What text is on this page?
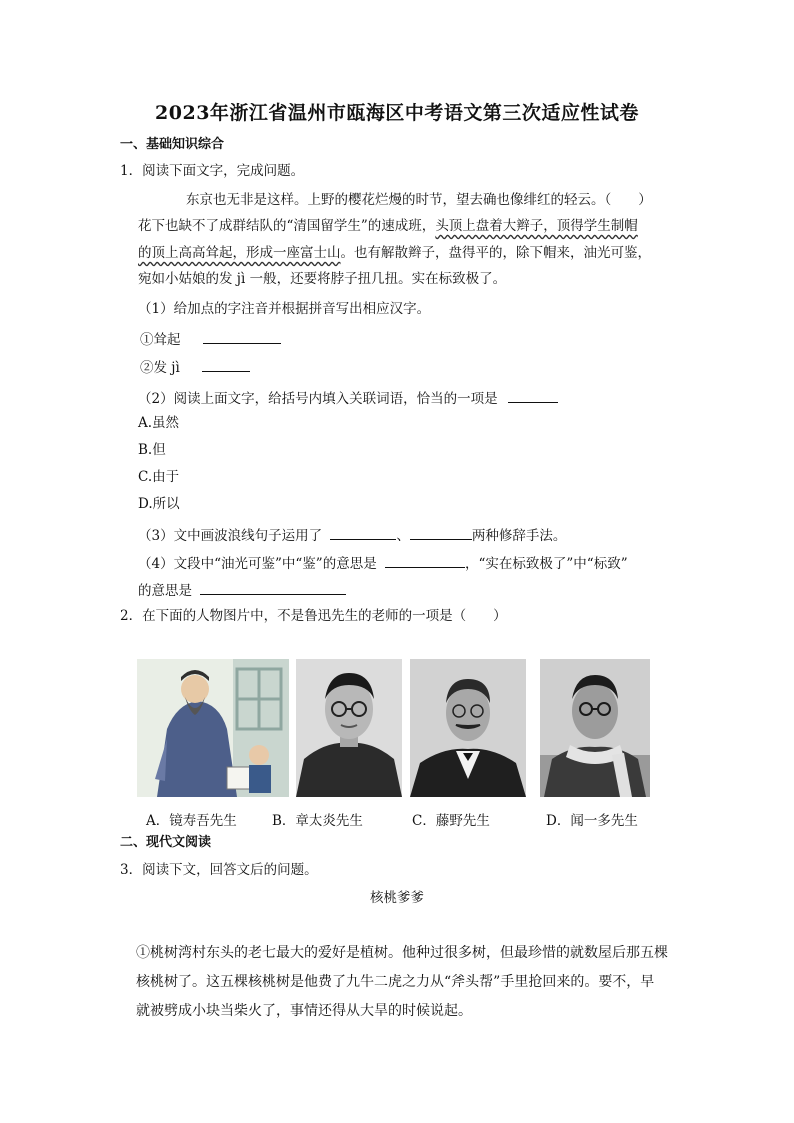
2023年浙江省温州市瓯海区中考语文第三次适应性试卷
一、基础知识综合
1．阅读下面文字，完成问题。
东京也无非是这样。上野的樱花烂熳的时节，望去确也像绯红的轻云。（　　）
花下也缺不了成群结队的“清国留学生”的速成班，头顶上盘着大辫子，顶得学生制帽
的顶上高高耸起，形成一座富士山。也有解散辫子，盘得平的，除下帽来，油光可鉴，
宛如小姑娘的发 jì 一般，还要将脖子扭几扭。实在标致极了。
（1）给加点的字注音并根据拼音写出相应汉字。
①耸起
②发 jì
（2）阅读上面文字，给括号内填入关联词语，恰当的一项是
A.虽然
B.但
C.由于
D.所以
（3）文中画波浪线句子运用了	、	两种修辞手法。
（4）文段中“油光可鉴”中“鉴”的意思是	，“实在标致极了”中“标致”
的意思是
2．在下面的人物图片中，不是鲁迅先生的老师的一项是（　　）
A．镜寿吾先生	B．章太炎先生	C．藤野先生	D．闻一多先生
二、现代文阅读
3．阅读下文，回答文后的问题。
核桃爹爹
①桃树湾村东头的老七最大的爱好是植树。他种过很多树，但最珍惜的就数屋后那五棵
核桃树了。这五棵核桃树是他费了九牛二虎之力从“斧头帮”手里抢回来的。要不，早
就被劈成小块当柴火了，事情还得从大旱的时候说起。
